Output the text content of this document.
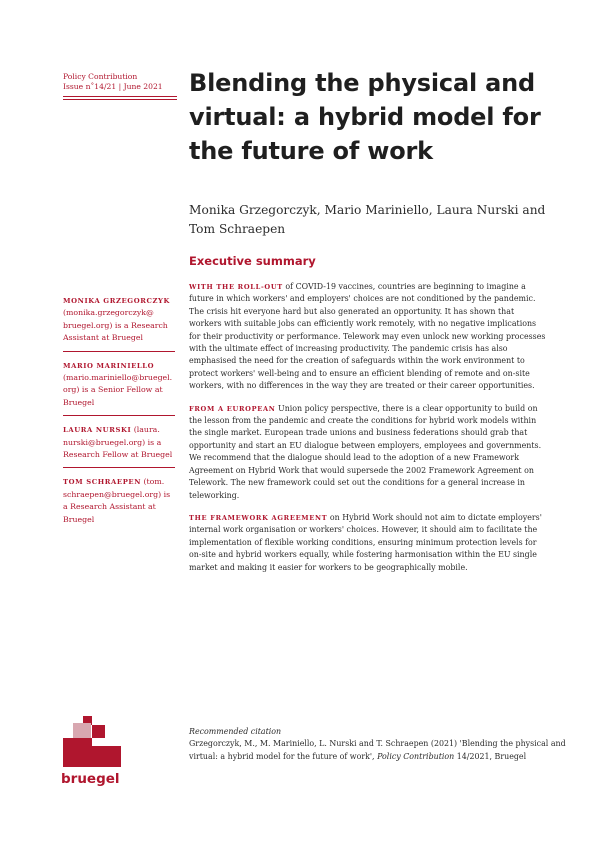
Policy Contribution
Issue n˚14/21 | June 2021	Blending the physical and virtual: a hybrid model for the future of work

Monika Grzegorczyk, Mario Mariniello, Laura Nurski and Tom Schraepen

Executive summary
MONIKA GRZEGORCZYK (monika.grzegorczyk@ bruegel.org) is a Research Assistant at Bruegel
MARIO MARINIELLO (mario.mariniello@bruegel. org) is a Senior Fellow at Bruegel
LAURA NURSKI (laura. nurski@bruegel.org) is a Research Fellow at Bruegel
TOM SCHRAEPEN (tom. schraepen@bruegel.org) is a Research Assistant at Bruegel

WITH THE ROLL-OUT of COVID-19 vaccines, countries are beginning to imagine a future in which workers' and employers' choices are not conditioned by the pandemic. The crisis hit everyone hard but also generated an opportunity. It has shown that workers with suitable jobs can efficiently work remotely, with no negative implications for their productivity or performance. Telework may even unlock new working processes with the ultimate effect of increasing productivity. The pandemic crisis has also emphasised the need for the creation of safeguards within the work environment to protect workers' well-being and to ensure an efficient blending of remote and on-site workers, with no differences in the way they are treated or their career opportunities.

FROM A EUROPEAN Union policy perspective, there is a clear opportunity to build on the lesson from the pandemic and create the conditions for hybrid work models within the single market. European trade unions and business federations should grab that opportunity and start an EU dialogue between employers, employees and governments. We recommend that the dialogue should lead to the adoption of a new Framework Agreement on Hybrid Work that would supersede the 2002 Framework Agreement on Telework. The new framework could set out the conditions for a general increase in teleworking.

THE FRAMEWORK AGREEMENT on Hybrid Work should not aim to dictate employers' internal work organisation or workers' choices. However, it should aim to facilitate the implementation of flexible working conditions, ensuring minimum protection levels for on-site and hybrid workers equally, while fostering harmonisation within the EU single market and making it easier for workers to be geographically mobile.

bruegel
Recommended citation
Grzegorczyk, M., M. Mariniello, L. Nurski and T. Schraepen (2021) 'Blending the physical and virtual: a hybrid model for the future of work', Policy Contribution 14/2021, Bruegel
